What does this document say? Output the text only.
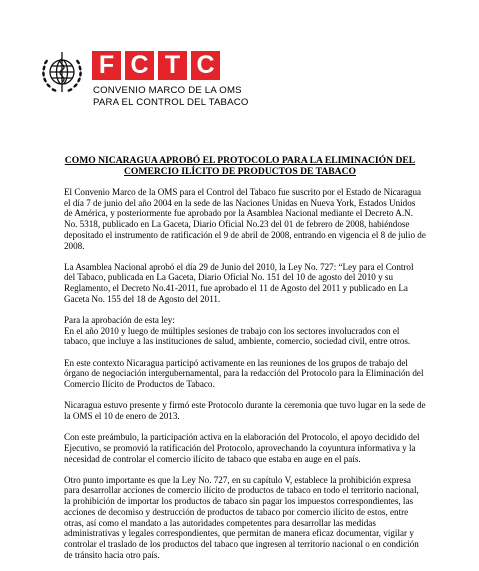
F C T C
CONVENIO MARCO DE LA OMS
PARA EL CONTROL DEL TABACO
COMO NICARAGUA APROBÓ EL PROTOCOLO PARA LA ELIMINACIÓN DEL
COMERCIO ILÍCITO DE PRODUCTOS DE TABACO

El Convenio Marco de la OMS para el Control del Tabaco fue suscrito por el Estado de Nicaragua el día 7 de junio del año 2004 en la sede de las Naciones Unidas en Nueva York, Estados Unidos de América, y posteriormente fue aprobado por la Asamblea Nacional mediante el Decreto A.N. No. 5318, publicado en La Gaceta, Diario Oficial No.23 del 01 de febrero de 2008, habiéndose depositado el instrumento de ratificación el 9 de abril de 2008, entrando en vigencia el 8 de julio de 2008.

La Asamblea Nacional aprobó el día 29 de Junio del 2010, la Ley No. 727: “Ley para el Control del Tabaco, publicada en La Gaceta, Diario Oficial No. 151 del 10 de agosto del 2010 y su Reglamento, el Decreto No.41-2011, fue aprobado el 11 de Agosto del 2011 y publicado en La Gaceta No. 155 del 18 de Agosto del 2011.

Para la aprobación de esta ley:
En el año 2010 y luego de múltiples sesiones de trabajo con los sectores involucrados con el tabaco, que incluye a las instituciones de salud, ambiente, comercio, sociedad civil, entre otros.

En este contexto Nicaragua participó activamente en las reuniones de los grupos de trabajo del órgano de negociación intergubernamental, para la redacción del Protocolo para la Eliminación del Comercio Ilícito de Productos de Tabaco.

Nicaragua estuvo presente y firmó este Protocolo durante la ceremonia que tuvo lugar en la sede de la OMS el 10 de enero de 2013.

Con este preámbulo, la participación activa en la elaboración del Protocolo, el apoyo decidido del Ejecutivo, se promovió la ratificación del Protocolo, aprovechando la coyuntura informativa y la necesidad de controlar el comercio ilícito de tabaco que estaba en auge en el país.

Otro punto importante es que la Ley No. 727, en su capítulo V, establece la prohibición expresa para desarrollar acciones de comercio ilícito de productos de tabaco en todo el territorio nacional, la prohibición de importar los productos de tabaco sin pagar los impuestos correspondientes, las acciones de decomiso y destrucción de productos de tabaco por comercio ilícito de estos, entre otras, así como el mandato a las autoridades competentes para desarrollar las medidas administrativas y legales correspondientes, que permitan de manera eficaz documentar, vigilar y controlar el traslado de los productos del tabaco que ingresen al territorio nacional o en condición de tránsito hacia otro país.
